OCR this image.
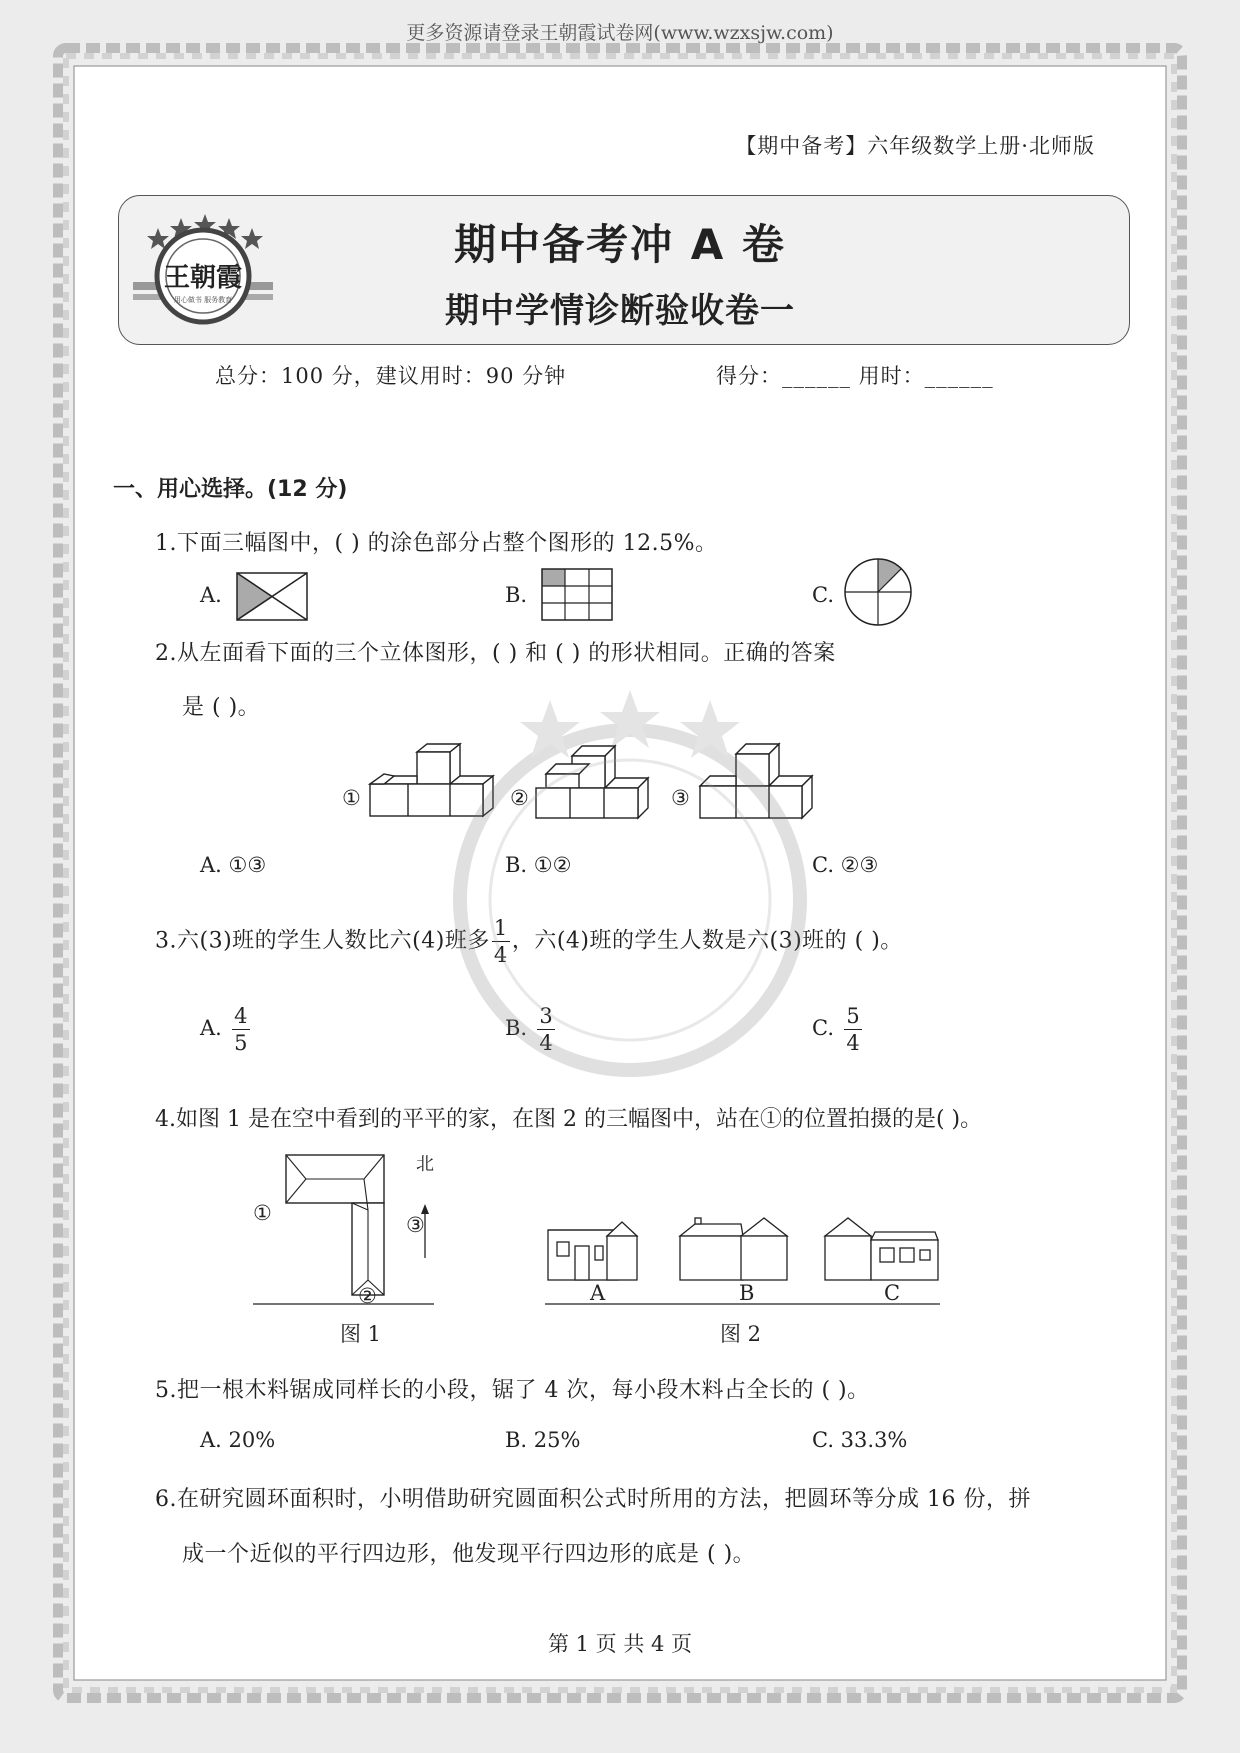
更多资源请登录王朝霞试卷网(www.wzxsjw.com)
【期中备考】六年级数学上册·北师版
王朝霞
用心做书 服务教育
期中备考冲 A 卷
期中学情诊断验收卷一
总分：100 分，建议用时：90 分钟	得分：______ 用时：______
一、用心选择。(12 分)
1.下面三幅图中，( ) 的涂色部分占整个图形的 12.5%。
A.	B.	C.
2.从左面看下面的三个立体图形，( ) 和 ( ) 的形状相同。正确的答案
是 ( )。
①	②	③
A. ①③	B. ①②	C. ②③
3.六(3)班的学生人数比六(4)班多 $\frac{1}{4}$ ，六(4)班的学生人数是六(3)班的 ( )。
A. $\frac{4}{5}$	B. $\frac{3}{4}$	C. $\frac{5}{4}$
4.如图 1 是在空中看到的平平的家，在图 2 的三幅图中，站在①的位置拍摄的是( )。
①
②
③
北
图 1
A	B	C
图 2
5.把一根木料锯成同样长的小段，锯了 4 次，每小段木料占全长的 ( )。
A. 20%	B. 25%	C. 33.3%
6.在研究圆环面积时，小明借助研究圆面积公式时所用的方法，把圆环等分成 16 份，拼
成一个近似的平行四边形，他发现平行四边形的底是 ( )。
第 1 页 共 4 页
